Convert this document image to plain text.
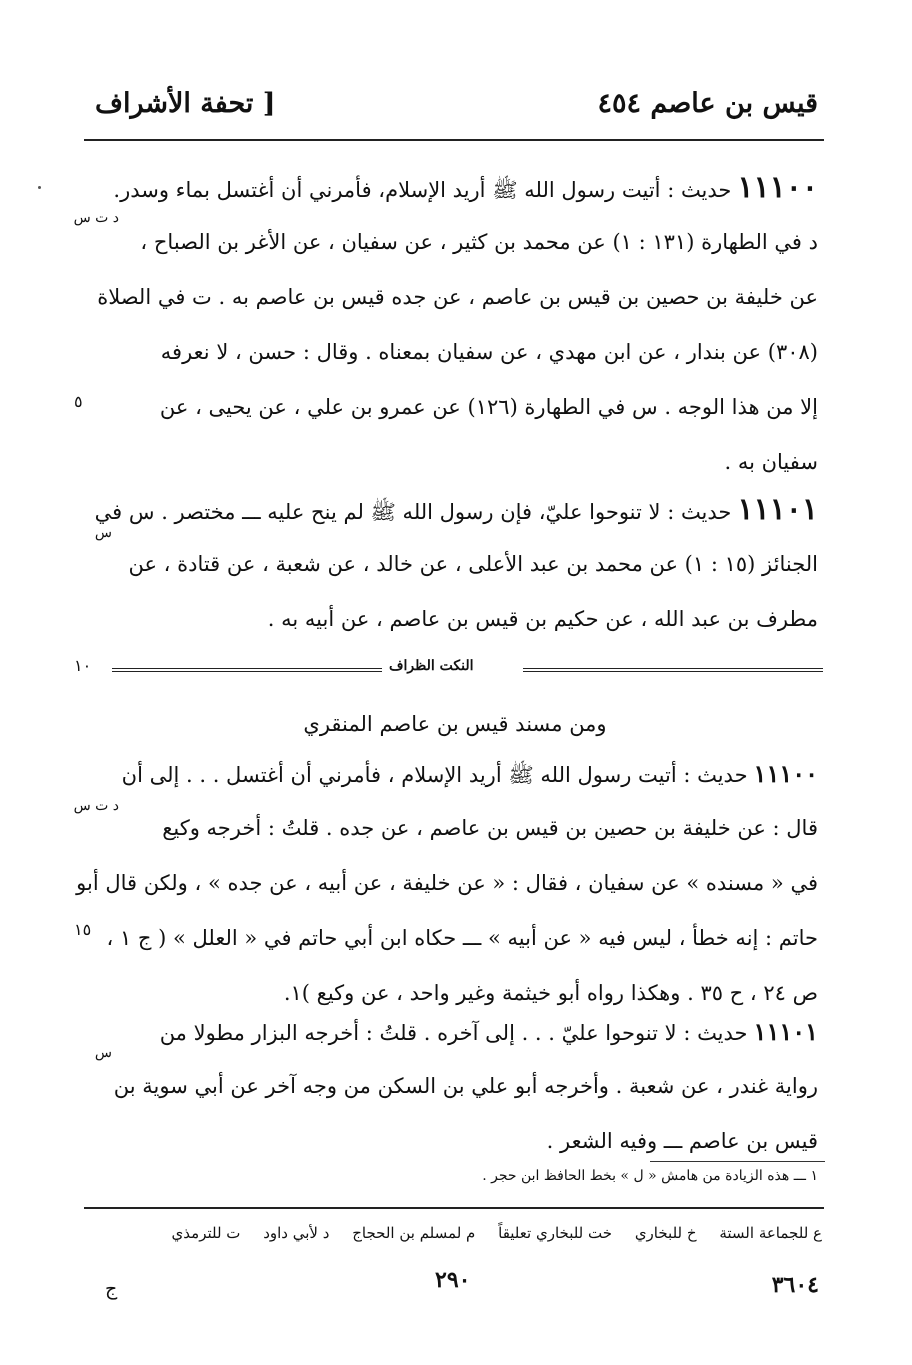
قيس بن عاصم ٤٥٤
[ تحفة الأشراف
١١١٠٠حديث : أتيت رسول الله ﷺ أريد الإسلام، فأمرني أن أغتسل بماء وسدر.
د في الطهارة (١٣١ : ١) عن محمد بن كثير ، عن سفيان ، عن الأغر بن الصباح ،
عن خليفة بن حصين بن قيس بن عاصم ، عن جده قيس بن عاصم به . ت في الصلاة
(٣٠٨) عن بندار ، عن ابن مهدي ، عن سفيان بمعناه . وقال : حسن ، لا نعرفه
إلا من هذا الوجه . س في الطهارة (١٢٦) عن عمرو بن علي ، عن يحيى ، عن
سفيان به .
د ت س
٥
١١١٠١حديث : لا تنوحوا عليّ، فإن رسول الله ﷺ لم ينح عليه ـــ مختصر . س في
الجنائز (١٥ : ١) عن محمد بن عبد الأعلى ، عن خالد ، عن شعبة ، عن قتادة ، عن
مطرف بن عبد الله ، عن حكيم بن قيس بن عاصم ، عن أبيه به .
س
١٠	النكت الظراف
ومن مسند قيس بن عاصم المنقري
١١١٠٠حديث : أتيت رسول الله ﷺ أريد الإسلام ، فأمرني أن أغتسل . . . إلى أن
قال : عن خليفة بن حصين بن قيس بن عاصم ، عن جده . قلتُ : أخرجه وكيع
في « مسنده » عن سفيان ، فقال : « عن خليفة ، عن أبيه ، عن جده » ، ولكن قال أبو
حاتم : إنه خطأ ، ليس فيه « عن أبيه » ـــ حكاه ابن أبي حاتم في « العلل » ( ج ١ ،
ص ٢٤ ، ح ٣٥ . وهكذا رواه أبو خيثمة وغير واحد ، عن وكيع )١.
د ت س
١٥
١١١٠١حديث : لا تنوحوا عليّ . . . إلى آخره . قلتُ : أخرجه البزار مطولا من
رواية غندر ، عن شعبة . وأخرجه أبو علي بن السكن من وجه آخر عن أبي سوية بن
قيس بن عاصم ـــ وفيه الشعر .
س
١ ـــ هذه الزيادة من هامش « ل » بخط الحافظ ابن حجر .
ع للجماعة الستة خ للبخاري خت للبخاري تعليقاً م لمسلم بن الحجاج د لأبي داود ت للترمذي
٣٦٠٤
٢٩٠
ج
